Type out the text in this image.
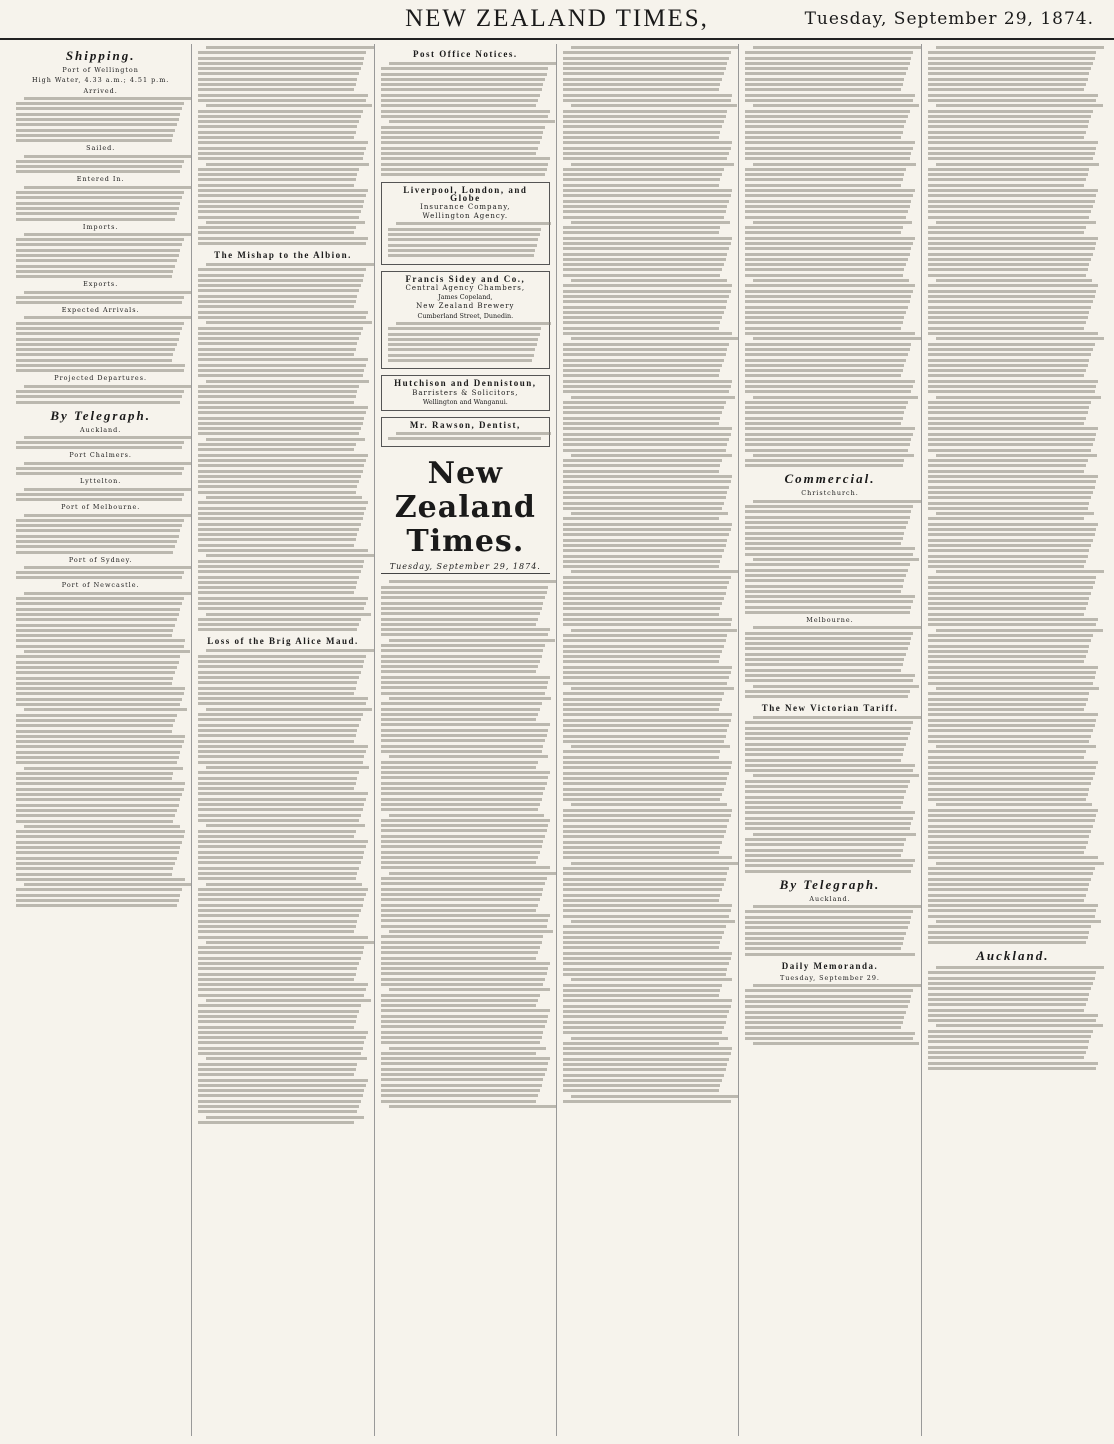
NEW ZEALAND TIMES,	Tuesday, September 29, 1874.
Shipping.
Port of Wellington
High Water, 4.33 a.m.; 4.51 p.m.
Arrived.
Sailed.
Entered In.
Imports.
Exports.
Expected Arrivals.
Projected Departures.
By Telegraph.
Auckland.
Port Chalmers.
Lyttelton.
Port of Melbourne.
Port of Sydney.
Port of Newcastle.
The Mishap to the Albion.
Loss of the Brig Alice Maud.
Post Office Notices.
Liverpool, London, and Globe
Insurance Company,
Wellington Agency.
Francis Sidey and Co.,
Central Agency Chambers,
James Copeland,
New Zealand Brewery
Cumberland Street, Dunedin.
Hutchison and Dennistoun,
Barristers & Solicitors,
Wellington and Wanganui.
Mr. Rawson, Dentist,
New Zealand Times.
Tuesday, September 29, 1874.
Commercial.
Christchurch.
Melbourne.
The New Victorian Tariff.
By Telegraph.
Auckland.
Daily Memoranda.
Tuesday, September 29.
Auckland.
